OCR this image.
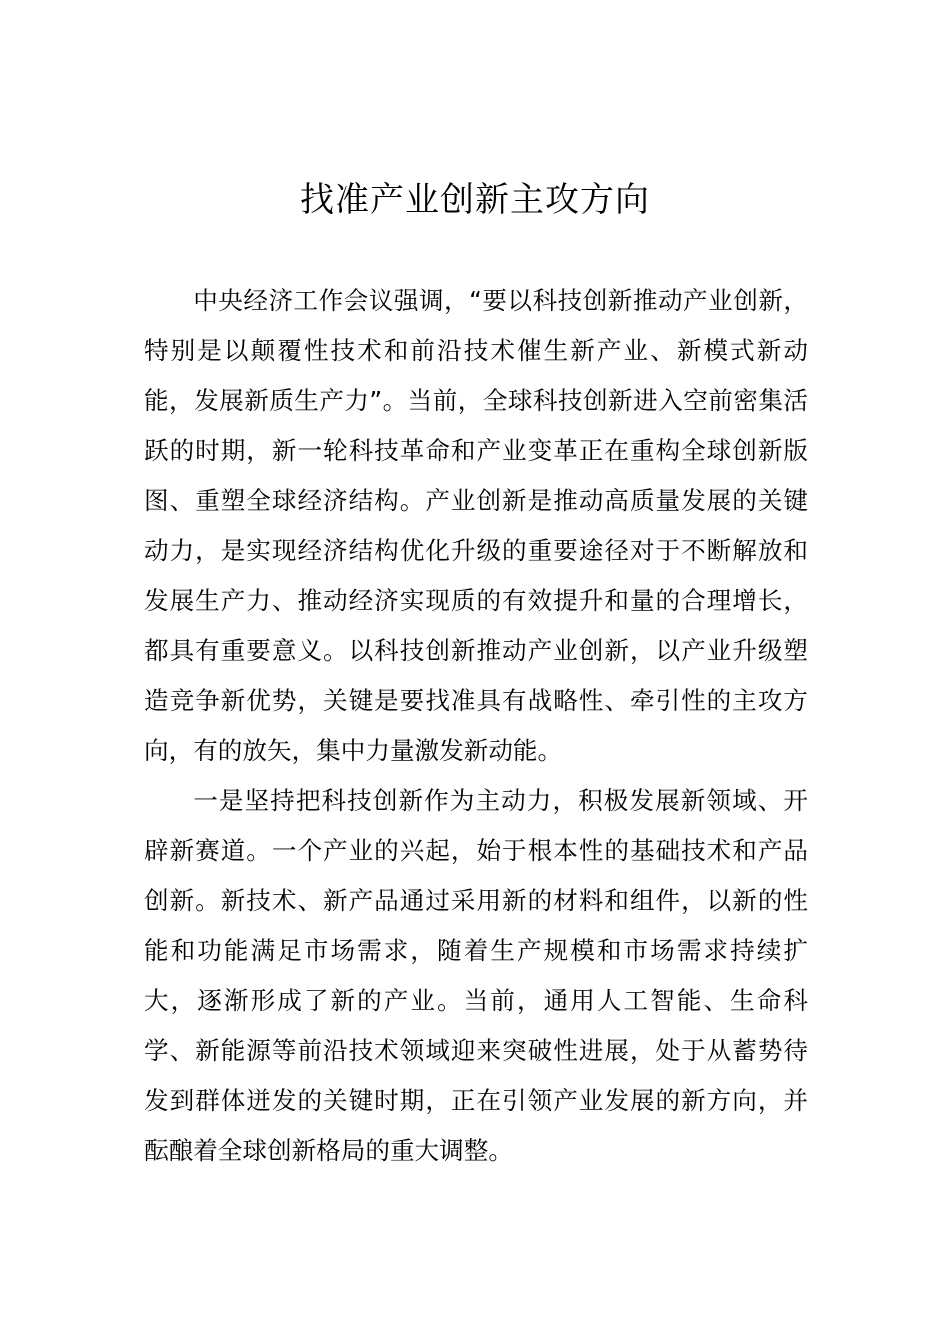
找准产业创新主攻方向

中央经济工作会议强调，“要以科技创新推动产业创新，特别是以颠覆性技术和前沿技术催生新产业、新模式新动能，发展新质生产力”。当前，全球科技创新进入空前密集活跃的时期，新一轮科技革命和产业变革正在重构全球创新版图、重塑全球经济结构。产业创新是推动高质量发展的关键动力，是实现经济结构优化升级的重要途径对于不断解放和发展生产力、推动经济实现质的有效提升和量的合理增长，都具有重要意义。以科技创新推动产业创新，以产业升级塑造竞争新优势，关键是要找准具有战略性、牵引性的主攻方向，有的放矢，集中力量激发新动能。

一是坚持把科技创新作为主动力，积极发展新领域、开辟新赛道。一个产业的兴起，始于根本性的基础技术和产品创新。新技术、新产品通过采用新的材料和组件，以新的性能和功能满足市场需求，随着生产规模和市场需求持续扩大，逐渐形成了新的产业。当前，通用人工智能、生命科学、新能源等前沿技术领域迎来突破性进展，处于从蓄势待发到群体迸发的关键时期，正在引领产业发展的新方向，并酝酿着全球创新格局的重大调整。
